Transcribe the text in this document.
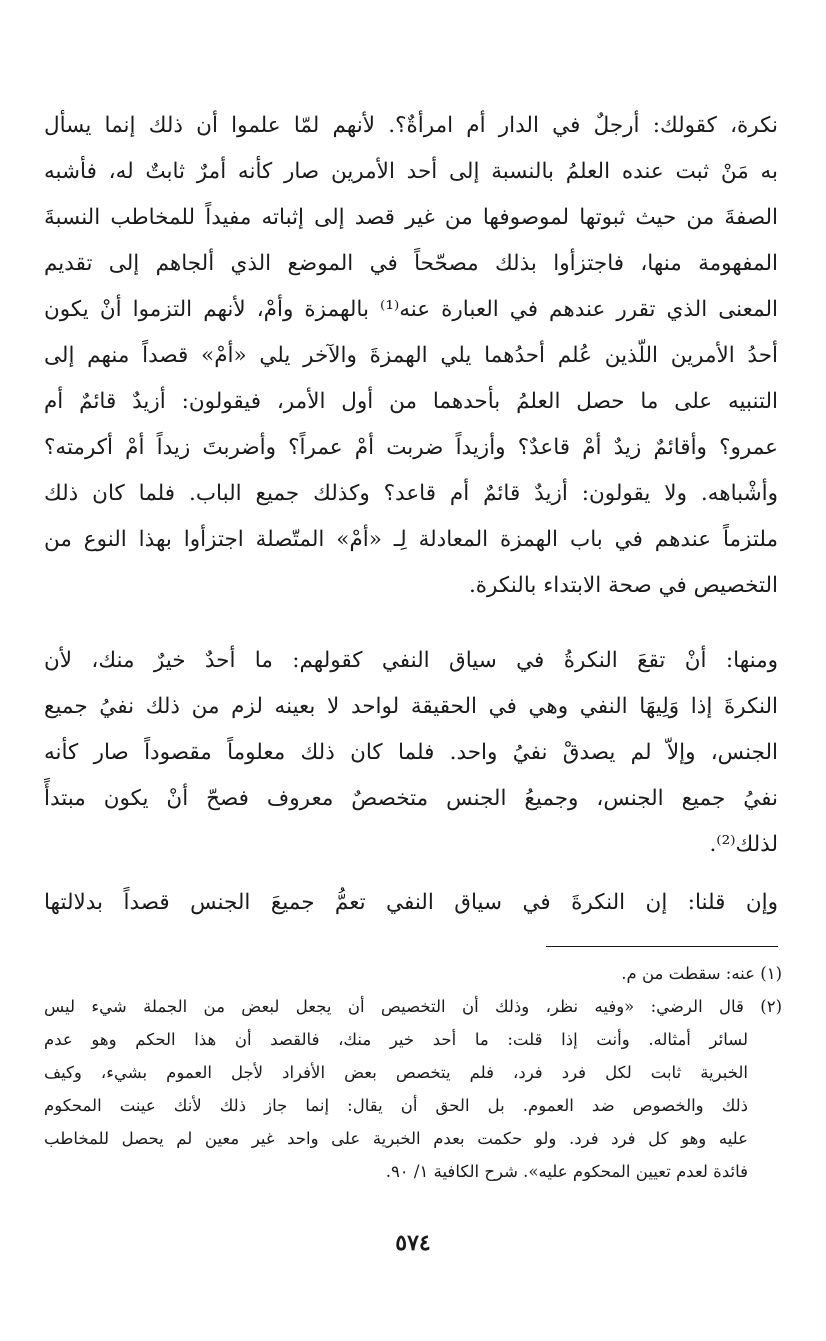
نكرة، كقولك: أرجلٌ في الدار أم امرأةٌ؟. لأنهم لمّا علموا أن ذلك إنما يسأل
به مَنْ ثبت عنده العلمُ بالنسبة إلى أحد الأمرين صار كأنه أمرٌ ثابتٌ له، فأشبه
الصفةَ من حيث ثبوتها لموصوفها من غير قصد إلى إثباته مفيداً للمخاطب النسبةَ
المفهومة منها، فاجتزأوا بذلك مصحّحاً في الموضع الذي ألجاهم إلى تقديم
المعنى الذي تقرر عندهم في العبارة عنه⁽¹⁾ بالهمزة وأمْ، لأنهم التزموا أنْ يكون
أحدُ الأمرين اللّذين عُلم أحدُهما يلي الهمزةَ والآخر يلي «أمْ» قصداً منهم إلى
التنبيه على ما حصل العلمُ بأحدهما من أول الأمر، فيقولون: أزيدٌ قائمٌ أم
عمرو؟ وأقائمٌ زيدٌ أمْ قاعدٌ؟ وأزيداً ضربت أمْ عمراً؟ وأضربتَ زيداً أمْ أكرمته؟
وأشْباهه. ولا يقولون: أزيدٌ قائمٌ أم قاعد؟ وكذلك جميع الباب. فلما كان ذلك
ملتزماً عندهم في باب الهمزة المعادلة لِـ «أمْ» المتّصلة اجتزأوا بهذا النوع من
التخصيص في صحة الابتداء بالنكرة.
ومنها: أنْ تقعَ النكرةُ في سياق النفي كقولهم: ما أحدٌ خيرٌ منك، لأن
النكرةَ إذا وَلِيهَا النفي وهي في الحقيقة لواحد لا بعينه لزم من ذلك نفيُ جميع
الجنس، وإلاّ لم يصدقْ نفيُ واحد. فلما كان ذلك معلوماً مقصوداً صار كأنه
نفيُ جميع الجنس، وجميعُ الجنس متخصصٌ معروف فصحّ أنْ يكون مبتدأً
لذلك⁽²⁾.
وإن قلنا: إن النكرةَ في سياق النفي تعمُّ جميعَ الجنس قصداً بدلالتها
(١) عنه: سقطت من م.
(٢) قال الرضي: «وفيه نظر، وذلك أن التخصيص أن يجعل لبعض من الجملة شيء ليس
لسائر أمثاله. وأنت إذا قلت: ما أحد خير منك، فالقصد أن هذا الحكم وهو عدم
الخبرية ثابت لكل فرد فرد، فلم يتخصص بعض الأفراد لأجل العموم بشيء، وكيف
ذلك والخصوص ضد العموم. بل الحق أن يقال: إنما جاز ذلك لأنك عينت المحكوم
عليه وهو كل فرد فرد. ولو حكمت بعدم الخبرية على واحد غير معين لم يحصل للمخاطب
فائدة لعدم تعيين المحكوم عليه». شرح الكافية ١/ ٩٠.
٥٧٤
